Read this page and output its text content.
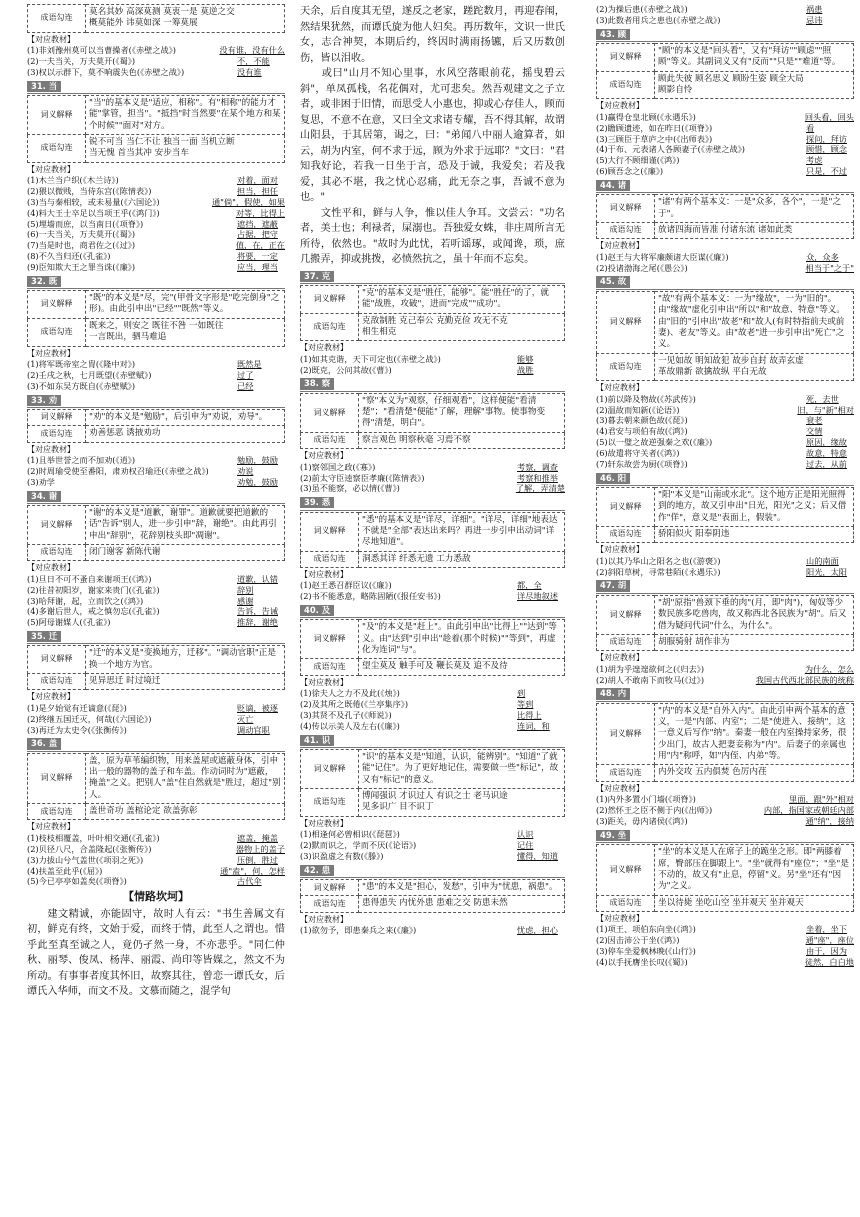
成语勾连	莫名其妙 高深莫测 莫衷一是 莫逆之交
概莫能外 讳莫如深 一筹莫展
【对应教材】
(1)非刘豫州莫可以当曹操者(《赤壁之战》)	没有谁，没有什么
(2)一夫当关，万夫莫开(《蜀》)	不，不能
(3)权以示群下，莫不响震失色(《赤壁之战》)	没有谁
31. 当
词义解释	"当"的基本义是"适应，相称"。有"相称"的能力才能"掌管，担当"。"抵挡"时当然要"在某个地方和某个时候""面对"对方。
成语勾连	锐不可当 当仁不让 独当一面 当机立断
当无愧 首当其冲 安步当车
【对应教材】
(1)木兰当户织(《木兰诗》)	对着，面对
(2)猥以微贱，当侍东宫(《陈情表》)	担当，担任
(3)当与秦相较，或未易量(《六国论》)	通"倘"，假使，如果
(4)料大王士卒足以当项王乎(《鸿门》)	对等，比得上
(5)埋墙而庶，以当南日(《项脊》)	遮挡，遮蔽
(6)一夫当关，万夫莫开(《蜀》)	占据，把守
(7)当是时也，商君佐之(《过》)	值，在，正在
(8)不久当归还(《孔雀》)	将要，一定
(9)臣知欺大王之罪当诛(《廉》)	应当，理当
32. 既
词义解释	"既"的本义是"尽，完"(甲骨文字形是"吃完倒身"之形)。由此引申出"已经""既然"等义。
成语勾连	既来之，则安之 既往不咎 一如既往
一言既出，驷马难追
【对应教材】
(1)将军既帝室之胄(《隆中对》)	既然是
(2)壬戌之秋，七月既望(《赤壁赋》)	过了
(3)不如东吴方既自(《赤壁赋》)	已经
33. 劝
词义解释	"劝"的本义是"勉励"，后引申为"劝说，劝导"。
成语勾连	劝善惩恶 诱掖劝功
【对应教材】
(1)且举世誉之而不加劝(《逍》)	勉励，鼓励
(2)时周瑜受使至番阳，肃劝权召瑜还(《赤壁之战》)	劝说
(3)劝学	劝勉，鼓励
34. 谢
词义解释	"谢"的本义是"道歉，谢罪"。道歉就要把道歉的话"告诉"别人，进一步引申"辞，谢绝"。由此再引申出"辞别"，花辞别枝头即"凋谢"。
成语勾连	闭门谢客 新陈代谢
【对应教材】
(1)旦日不可不蚤自来谢项王(《鸿》)	道歉，认错
(2)往昔初阳岁，谢家来贵门(《孔雀》)	辞别
(3)哈拜谢，起，立而饮之(《鸿》)	感谢
(4)多谢后世人，戒之慎勿忘(《孔雀》)	告诉，告诫
(5)阿母谢媒人(《孔雀》)	推辞，谢绝
35. 迁
词义解释	"迁"的本义是"变换地方，迁移"。"调动官职"正是换一个地方为官。
成语勾连	见异思迁 时过境迁
【对应教材】
(1)是夕始觉有迁谪意(《琵》)	贬谪，被逐
(2)终继五国迁灭，何哉(《六国论》)	灭亡
(3)再迁为太史令(《张衡传》)	调动官职
36. 盖
词义解释	盖，原为草苇编织物，用来盖屋或遮蔽身体，引申出一般的器物的盖子和车盖。作动词时为"遮蔽，掩盖"之义。把别人"盖"住自然就是"胜过，超过"别人。
成语勾连	盖世奇功 盖棺论定 欲盖弥彰
【对应教材】
(1)枝枝相覆盖，叶叶相交通(《孔雀》)	遮盖，掩盖
(2)贝径八尺，合盖隆起(《张衡传》)	器物上的盖子
(3)力拔山兮气盖世(《项羽之死》)	压倒，胜过
(4)扶盖至此乎(《屈》)	通"盍"，何，怎样
(5)今已亭亭如盖矣(《项脊》)	古代伞
【情路坎坷】
建文精诚，亦能固守，故时人有云："书生善属文有初，鲜克有终，文始于爱，而终于情，此至人之谓也。惜乎此至真至诚之人，竟仍孑然一身，不亦悲乎。"同仁仲秋、丽琴、俊凤、杨萍、丽霞、尚印等皆媒之，然文不为所动。有事事者度其怀旧，故察其往，曾恋一谭氏女，后谭氏入华师，而文不及。文慕而随之，混学旬
天余，后自度其无望，遂反之老家，蹉跎数月，再迎春闱，然结果犹然，而谭氏旋为他人妇矣。再历数年，文识一世氏女，志合神契，本期后约，终因时满雨扬镳，后又历数创伤，皆以泪收。
　　或曰"山月不知心里事，水风空落眼前花，摇曳碧云斜"，单凤孤栈，名花偶对，尤可悲矣。然吾观建文之子立者，或非困于旧情，而思受人小惠也，抑或心存佳人，顾而复思，不意不在意，又曰全文求诸专耀，吾不得其解，故谓山阳县，于其居第，谒之，曰："弟闻八中丽人逾算者，如云，胡为内室，何不求于远，顾为外求于远耶？"文曰："君知我好论，若我一日坐于言，恐及于诚，我爱矣；若及我爱，其必不堪，我之忧心忍痛，此无奈之事，吾诚不意为也。"
　　文性平和，鲜与人争，惟以佳人争耳。文尝云："功名者，美士也；利禄者，屎溺也。吾独爱女蛛，非庄周所言无所待，依然也。"故时为此忧，若听谣琢，或闻谗，琐，庶几搬弄，抑或挑拨，必愤然抗之，虽十年而不忘矣。
37. 克
词义解释	"克"的基本义是"胜任，能够"。能"胜任"的了，就能"战胜，攻破"，进而"完成""成功"。
成语勾连	克敌制胜 克己奉公 克勤克俭 攻无不克
相生相克
【对应教材】
(1)如其克谐，天下可定也(《赤壁之战》)	能够
(2)既克，公问其故(《曹》)	战胜
38. 察
词义解释	"察"本义为"观察，仔细观看"，这样便能"看清楚"；"看清楚"便能"了解，理解"事物。使事物变得"清楚，明白"。
成语勾连	察言观色 明察秋毫 习焉不察
【对应教材】
(1)察邻国之政(《寡》)	考察，调查
(2)前太守臣逵察臣孝廉(《陈情表》)	考察和推举
(3)虽不能察，必以情(《曹》)	了解，弄清楚
39. 悉
词义解释	"悉"的基本义是"详尽，详细"。"详尽，详细"地表达不就是"全部"表达出来吗？再进一步引申出动词"详尽地知道"。
成语勾连	洞悉其详 纤悉无遗 工力悉敌
【对应教材】
(1)赵王悉召群臣议(《廉》)	都，全
(2)书不能悉意，略陈固陋(《报任安书》)	详尽地叙述
40. 及
词义解释	"及"的本义是"赶上"。由此引申出"比得上""达到"等义。由"达到"引申出"趁着(那个时候)""等到"，再虚化为连词"与"。
成语勾连	望尘莫及 触手可及 鞭长莫及 追不及待
【对应教材】
(1)徐夫人之力不及此(《烛》)	到
(2)及其所之既倦(《兰亭集序》)	等到
(3)其贤不及孔子(《师说》)	比得上
(4)传以示美人及左右(《廉》)	连词，和
41. 识
词义解释	"识"的基本义是"知道，认识，能辨别"。"知道"了就能"记住"。为了更好地记住，需要做一些"标记"，故又有"标记"的意义。
成语勾连	博闻强识 才识过人 有识之士 老马识途
见多识广 目不识丁
【对应教材】
(1)相逢何必曾相识(《琵琶》)	认识
(2)默而识之，学而不厌(《论语》)	记住
(3)识盈虚之有数(《滕》)	懂得，知道
42. 患
词义解释	"患"的本义是"担心，发愁"，引申为"忧患，祸患"。
成语勾连	患得患失 内忧外患 患难之交 防患未然
【对应教材】
(1)欲勿予，即患秦兵之来(《廉》)	忧虑，担心
(2)为操后患(《赤壁之战》)	祸患
(3)此数者用兵之患也(《赤壁之战》)	忌讳
43. 顾
词义解释	"顾"的本义是"回头看"，又有"拜访""顾虑""照顾"等义。其副词义又有"反而""只是""难道"等。
成语勾连	顾此失彼 顾名思义 顾盼生姿 顾全大局
顾影自怜
【对应教材】
(1)赢得仓皇北顾(《永遇乐》)	回头看，回头
(2)瞻顾遗迹，如在昨日(《项脊》)	看
(3)三顾臣于草庐之中(《出师表》)	探问，拜访
(4)于布、元表诸人各顾妻子(《赤壁之战》)	顾惜，顾念
(5)大行不顾细谨(《鸿》)	考虑
(6)顾吾念之(《廉》)	只是，不过
44. 诸
词义解释	"诸"有两个基本义：一是"众多，各个"，一是"之于"。
成语勾连	放诸四海而皆准 付诸东流 诸如此类
【对应教材】
(1)赵王与大将军廉颇诸大臣谋(《廉》)	众，众多
(2)投诸渤海之尾(《愚公》)	相当于"之于"
45. 故
词义解释	"故"有两个基本义：一为"缘故"，一为"旧的"。由"缘故"虚化引申出"所以"和"故意、特意"等义。由"旧的"引申出"故老"和"故人(有时特指前夫或前妻)、老友"等义。由"故老"进一步引申出"死亡"之义。
成语勾连	一见如故 明知故犯 故步自封 故弄玄虚
革故鼎新 欲擒故纵 平白无故
【对应教材】
(1)前以降及物故(《苏武传》)	死，去世
(2)温故而知新(《论语》)	旧，与"新"相对
(3)暮去朝来颜色故(《琵》)	衰老
(4)君安与项伯有故(《鸿》)	交情
(5)以一璧之故逆强秦之欢(《廉》)	原因，缘故
(6)故遣将守关者(《鸿》)	故意，特意
(7)轩东故尝为厨(《项脊》)	过去，从前
46. 阳
词义解释	"阳"本义是"山南或水北"。这个地方正是阳光照得到的地方，故又引申出"日光，阳光"之义；后又借作"佯"，意义是"表面上，假装"。
成语勾连	骄阳似火 阳奉阴违
【对应教材】
(1)以其乃华山之阳名之也(《游褒》)	山的南面
(2)斜阳草树，寻常巷陌(《永遇乐》)	阳光，太阳
47. 胡
词义解释	"胡"原指"兽颈下垂的肉"(月，即"肉")，匈奴等少数民族多吃兽肉，故又称西北各民族为"胡"。后又借为疑问代词"什么，为什么"。
成语勾连	胡服骑射 胡作非为
【对应教材】
(1)胡为乎遑遑欲何之(《归去》)	为什么，怎么
(2)胡人不敢南下而牧马(《过》)	我国古代西北部民族的统称
48. 内
词义解释	"内"的本义是"自外入内"。由此引申两个基本的意义，一是"内部、内室"；二是"使进入、接纳"，这一意义后写作"纳"。秦妻一般在内室操持家务，很少出门，故古人把妻妾称为"内"。后妻子的亲属也用"内"称呼，如"内侄、内弟"等。
成语勾连	内外交攻 五内俱焚 色厉内荏
【对应教材】
(1)内外多置小门墙(《项脊》)	里面，跟"外"相对
(2)然怀王之臣不侧于内(《出师》)	内部，指国家或朝廷内部
(3)距关，毋内诸侯(《鸿》)	通"纳"，接纳
49. 坐
词义解释	"坐"的本义是人在席子上的跪坐之形。即"两膝着席，臀部压在脚跟上"。"坐"就得有"座位"；"坐"是不动的，故又有"止息，停留"义。另"坐"还有"因为"之义。
成语勾连	坐以待毙 坐吃山空 坐井观天 坐并观天
【对应教材】
(1)项王、项伯东向坐(《鸿》)	坐着，坐下
(2)因击沛公于坐(《鸿》)	通"座"，座位
(3)停车坐爱枫林晚(《山行》)	由于，因为
(4)以手抚膺坐长叹(《蜀》)	徒然，白白地
